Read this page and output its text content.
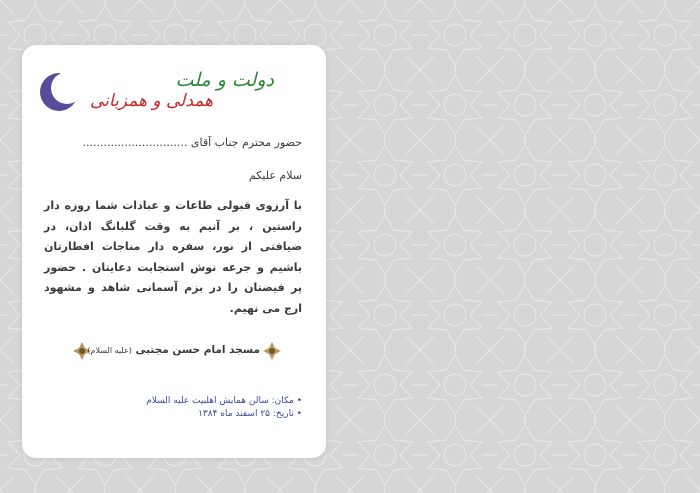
دولت و ملت
همدلی و همزبانی
حضور محترم جناب آقای ..............................
سلام علیکم
با آرزوی قبولی طاعات و عبادات شما روزه دار راستین ، بر آنیم به وقت گلبانگ اذان، در ضیافتی از نور، سفره دار مناجات افطارتان باشیم و جرعه نوش استجابت دعایتان . حضور پر فیضتان را در بزم آسمانی شاهد و مشهود ارج می نهیم.
مسجد امام حسن مجتبی (علیه السلام)
• مکان: سالن همایش اهلبیت علیه السلام
• تاریخ: ۲۵ اسفند ماه ۱۳۸۴
